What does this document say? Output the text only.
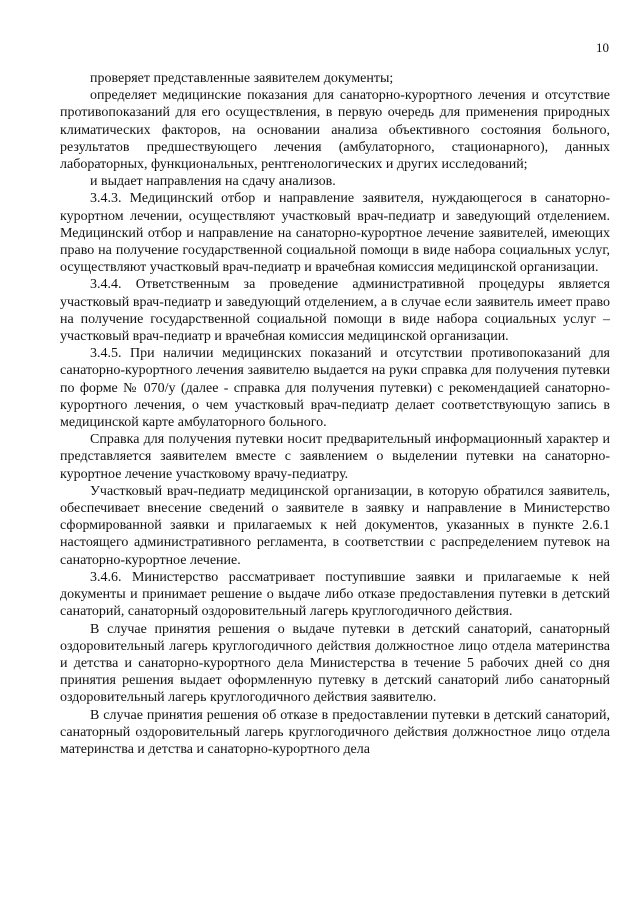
10

проверяет представленные заявителем документы;

определяет медицинские показания для санаторно-курортного лечения и отсутствие противопоказаний для его осуществления, в первую очередь для применения природных климатических факторов, на основании анализа объективного состояния больного, результатов предшествующего лечения (амбулаторного, стационарного), данных лабораторных, функциональных, рентгенологических и других исследований;

и выдает направления на сдачу анализов.

3.4.3. Медицинский отбор и направление заявителя, нуждающегося в санаторно-курортном лечении, осуществляют участковый врач-педиатр и заведующий отделением. Медицинский отбор и направление на санаторно-курортное лечение заявителей, имеющих право на получение государственной социальной помощи в виде набора социальных услуг, осуществляют участковый врач-педиатр и врачебная комиссия медицинской организации.

3.4.4. Ответственным за проведение административной процедуры является участковый врач-педиатр и заведующий отделением, а в случае если заявитель имеет право на получение государственной социальной помощи в виде набора социальных услуг – участковый врач-педиатр и врачебная комиссия медицинской организации.

3.4.5. При наличии медицинских показаний и отсутствии противопоказаний для санаторно-курортного лечения заявителю выдается на руки справка для получения путевки по форме № 070/у (далее - справка для получения путевки) с рекомендацией санаторно-курортного лечения, о чем участковый врач-педиатр делает соответствующую запись в медицинской карте амбулаторного больного.

Справка для получения путевки носит предварительный информационный характер и представляется заявителем вместе с заявлением о выделении путевки на санаторно-курортное лечение участковому врачу-педиатру.

Участковый врач-педиатр медицинской организации, в которую обратился заявитель, обеспечивает внесение сведений о заявителе в заявку и направление в Министерство сформированной заявки и прилагаемых к ней документов, указанных в пункте 2.6.1 настоящего административного регламента, в соответствии с распределением путевок на санаторно-курортное лечение.

3.4.6. Министерство рассматривает поступившие заявки и прилагаемые к ней документы и принимает решение о выдаче либо отказе предоставления путевки в детский санаторий, санаторный оздоровительный лагерь круглогодичного действия.

В случае принятия решения о выдаче путевки в детский санаторий, санаторный оздоровительный лагерь круглогодичного действия должностное лицо отдела материнства и детства и санаторно-курортного дела Министерства в течение 5 рабочих дней со дня принятия решения выдает оформленную путевку в детский санаторий либо санаторный оздоровительный лагерь круглогодичного действия заявителю.

В случае принятия решения об отказе в предоставлении путевки в детский санаторий, санаторный оздоровительный лагерь круглогодичного действия должностное лицо отдела материнства и детства и санаторно-курортного дела
